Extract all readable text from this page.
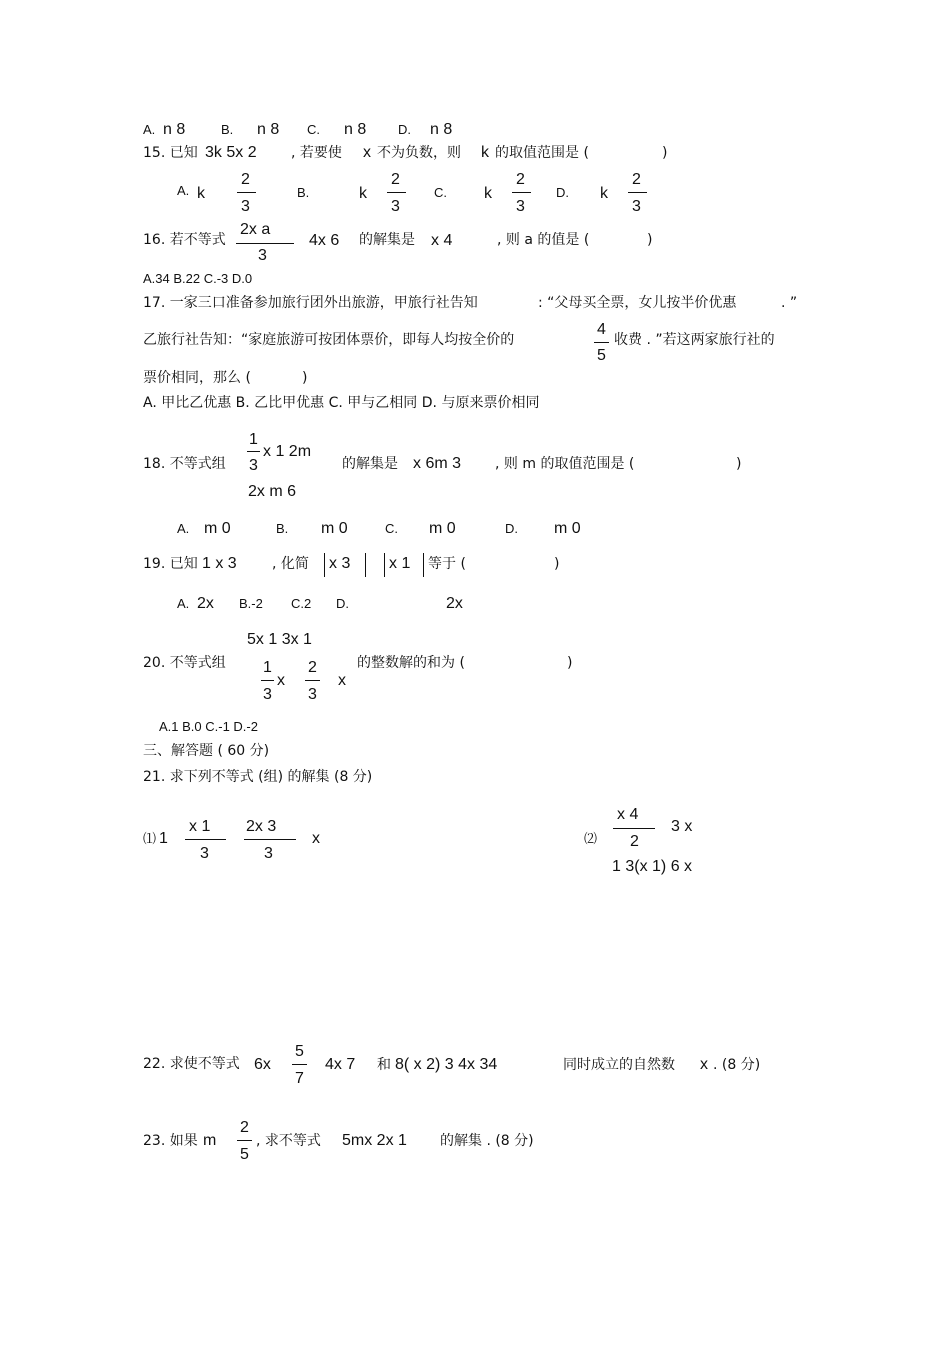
A. n 8	B. n 8 C. n 8 D. n 8
15. 已知 3k 5x 2 , 若要使 x 不为负数，则 k 的取值范围是 (	)
A. k
2
3
B.	k
2
3
C. k
2
3
D. k
2
3
16. 若不等式
2x a
3
4x 6 的解集是 x 4	, 则 a 的值是 (	)
A.34 B.22 C.-3 D.0
17. 一家三口准备参加旅行团外出旅游，甲旅行社告知	: “父母买全票，女儿按半价优惠	. ”
乙旅行社告知：“家庭旅游可按团体票价，即每人均按全价的
4
5
收费 . ”若这两家旅行社的
票价相同，那么 (	)
A. 甲比乙优惠 B. 乙比甲优惠 C. 甲与乙相同 D. 与原来票价相同
18. 不等式组
1
3
x 1 2m
2x m 6
的解集是 x 6m 3 , 则 m 的取值范围是 (	)
A. m 0	B. m 0	C. m 0	D. m 0
19. 已知 1 x 3	, 化简 x 3 x 1 等于 (	)
A. 2x B.-2 C.2 D.	2x
5x 1 3x 1
20. 不等式组 1
3
x
2
3
x
的整数解的和为 (	)
A.1 B.0 C.-1 D.-2
三、解答题 ( 60 分)
21. 求下列不等式 (组) 的解集 (8 分)
⑴ 1
x 1
3
2x 3
3
x	⑵
x 4
2
3 x
1 3(x 1) 6 x
22. 求使不等式 6x
5
7
4x 7 和 8( x 2) 3 4x 34	同时成立的自然数 x . (8 分)
23. 如果 m
2
5
, 求不等式 5mx 2x 1 的解集 . (8 分)
